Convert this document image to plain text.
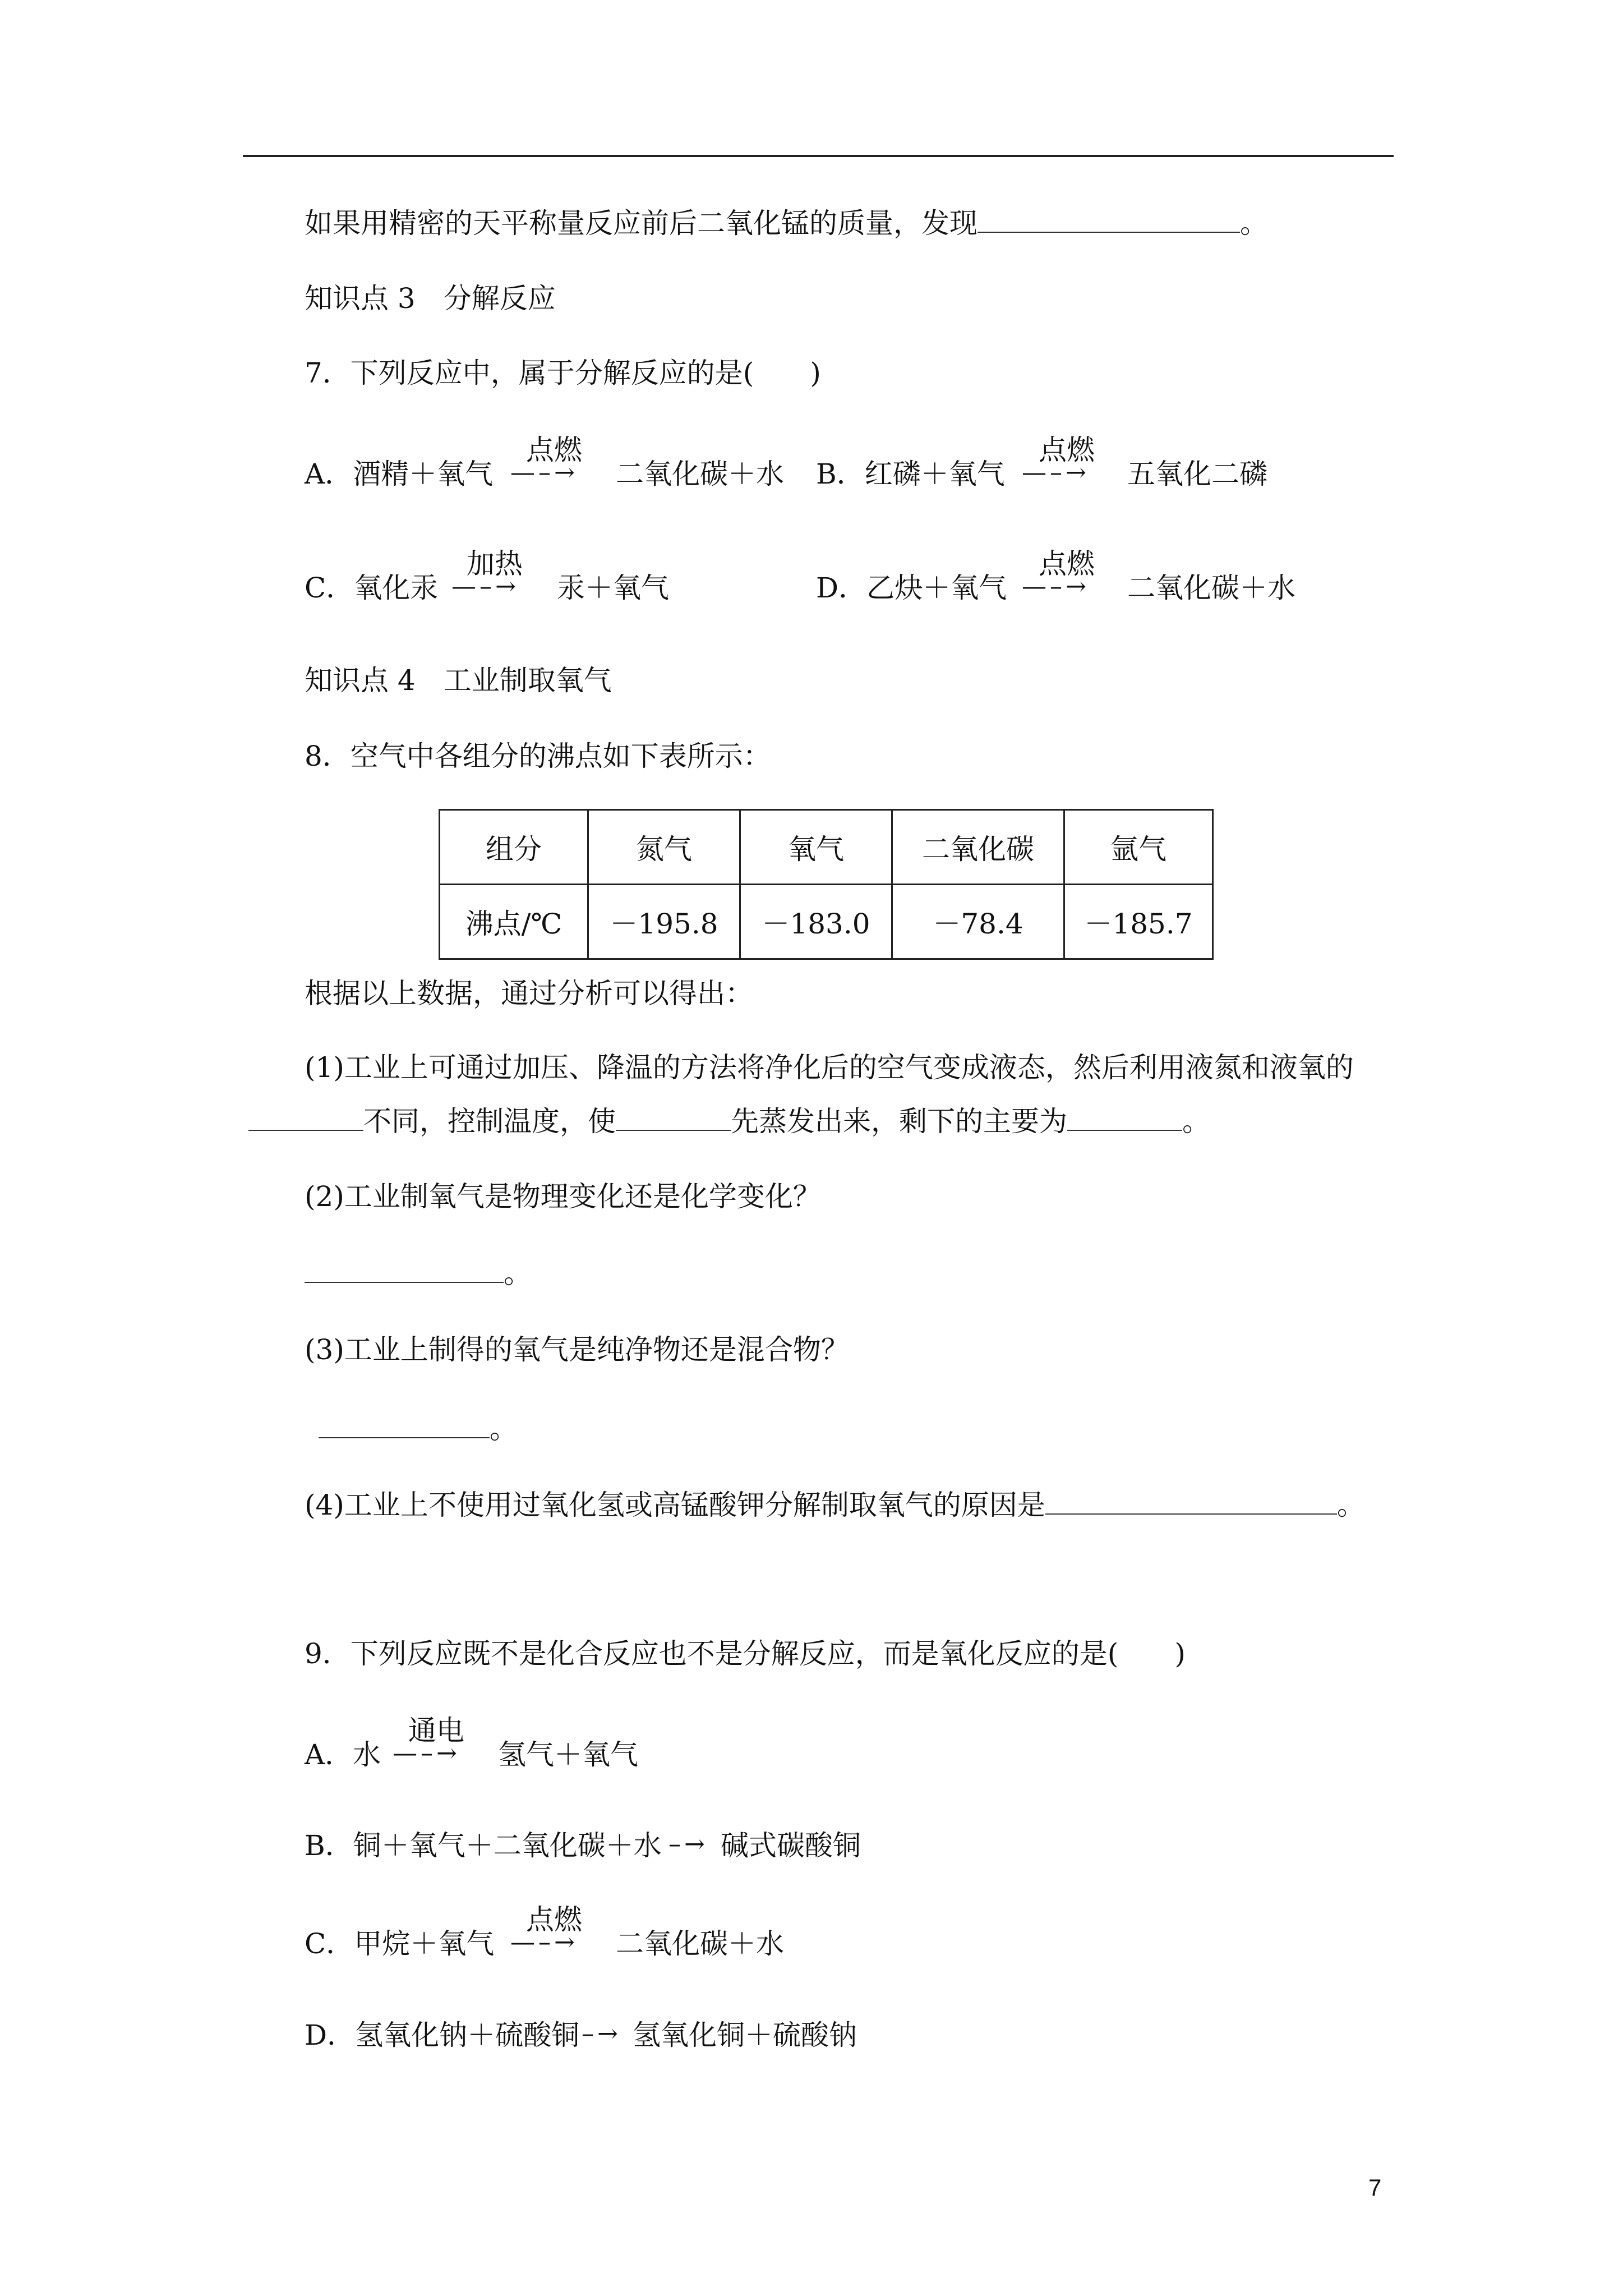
如果用精密的天平称量反应前后二氧化锰的质量，发现	。
知识点 3　分解反应
7．下列反应中，属于分解反应的是(　　)
A．酒精＋氧气
点燃
—–→ 二氧化碳＋水 B．红磷＋氧气
点燃
—–→ 五氧化二磷
C．氧化汞
加热
—–→ 汞＋氧气	D．乙炔＋氧气
点燃
—–→ 二氧化碳＋水
知识点 4　工业制取氧气
8．空气中各组分的沸点如下表所示：
组分	氮气	氧气	二氧化碳	氩气
沸点/℃	－195.8	－183.0	－78.4	－185.7
根据以上数据，通过分析可以得出：
(1)工业上可通过加压、降温的方法将净化后的空气变成液态，然后利用液氮和液氧的
不同，控制温度，使	先蒸发出来，剩下的主要为	。
(2)工业制氧气是物理变化还是化学变化？
。
(3)工业上制得的氧气是纯净物还是混合物？
。
(4)工业上不使用过氧化氢或高锰酸钾分解制取氧气的原因是	。
9．下列反应既不是化合反应也不是分解反应，而是氧化反应的是(　　)
A．水
通电
—–→ 氢气＋氧气
B．铜＋氧气＋二氧化碳＋水 –→ 碱式碳酸铜
C．甲烷＋氧气
点燃
—–→ 二氧化碳＋水
D．氢氧化钠＋硫酸铜 –→ 氢氧化铜＋硫酸钠
7
